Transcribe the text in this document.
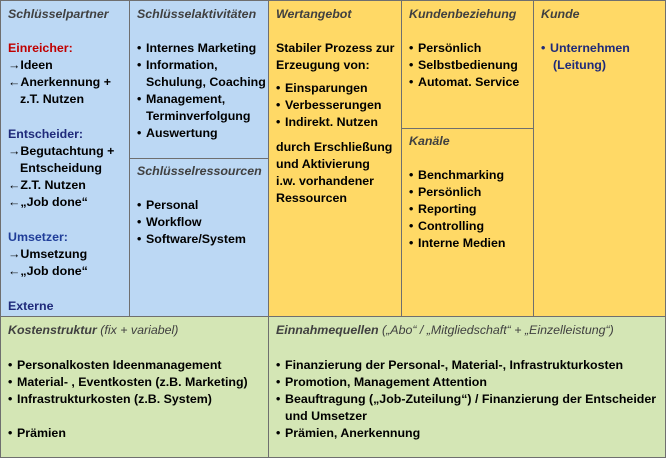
Schlüsselpartner
Einreicher:
→Ideen
←Anerkennung +
z.T. Nutzen
Entscheider:
→Begutachtung +
Entscheidung
←Z.T. Nutzen
←„Job done“
Umsetzer:
→Umsetzung
←„Job done“
Externe
Schlüsselaktivitäten
• Internes Marketing
• Information,
Schulung, Coaching
• Management,
Terminverfolgung
• Auswertung
Schlüsselressourcen
• Personal
• Workflow
• Software/System
Wertangebot
Stabiler Prozess zur
Erzeugung von:
• Einsparungen
• Verbesserungen
• Indirekt. Nutzen
durch Erschließung
und Aktivierung
i.w. vorhandener
Ressourcen
Kundenbeziehung
• Persönlich
• Selbstbedienung
• Automat. Service
Kanäle
• Benchmarking
• Persönlich
• Reporting
• Controlling
• Interne Medien
Kunde
• Unternehmen
(Leitung)
Kostenstruktur (fix + variabel)
• Personalkosten Ideenmanagement
• Material- , Eventkosten (z.B. Marketing)
• Infrastrukturkosten (z.B. System)
• Prämien
Einnahmequellen („Abo“ / „Mitgliedschaft“ + „Einzelleistung“)
• Finanzierung der Personal-, Material-, Infrastrukturkosten
• Promotion, Management Attention
• Beauftragung („Job-Zuteilung“) / Finanzierung der Entscheider
und Umsetzer
• Prämien, Anerkennung
